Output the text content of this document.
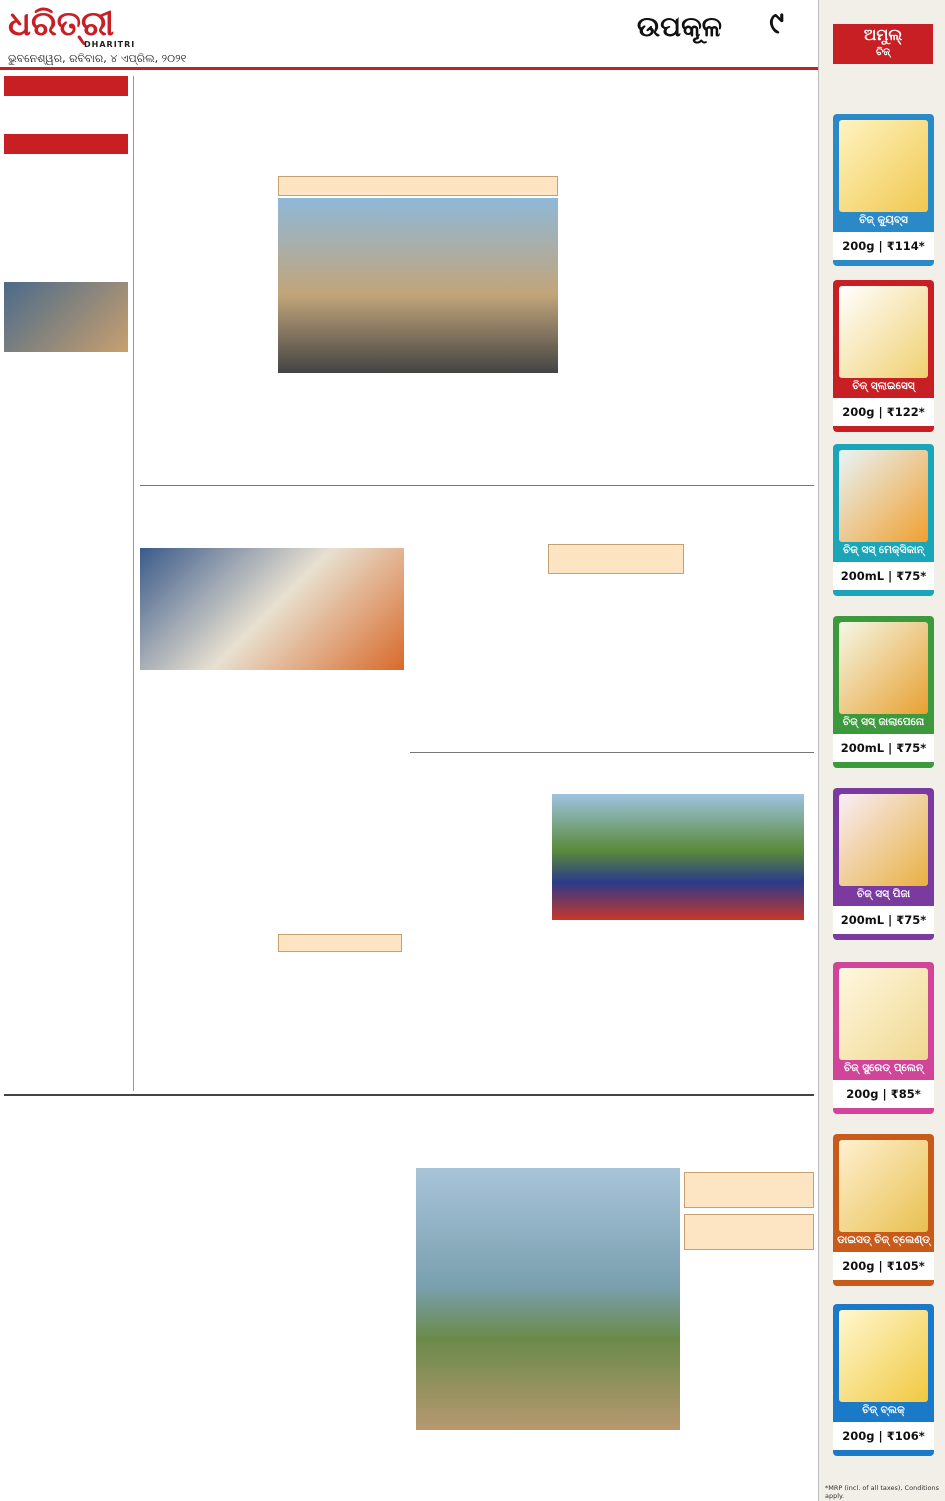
ଧରିତ୍ରୀ
DHARITRI
ଭୁବନେଶ୍ୱର, ରବିବାର, ୪ ଏପ୍ରିଲ, ୨୦୨୧
ଉପକୂଳ ୯	ଅମୁଲ୍
ଚିଜ୍
ଚିଜ୍ କ୍ୟୁବ୍ସ
200g | ₹114*
ଚିଜ୍ ସ୍ଲାଇସେସ୍
200g | ₹122*
ଚିଜ୍ ସସ୍ ମେକ୍ସିକାନ୍
200mL | ₹75*
ଚିଜ୍ ସସ୍ ଜାଲାପେନୋ
200mL | ₹75*
ଚିଜ୍ ସସ୍ ପିଜା
200mL | ₹75*
ଚିଜ୍ ସ୍ପ୍ରେଡ୍ ପ୍ଲେନ୍
200g | ₹85*
ଡାଇସଡ୍ ଚିଜ୍ ବ୍ଲେଣ୍ଡ୍
200g | ₹105*
ଚିଜ୍ ବ୍ଲକ୍
200g | ₹106*
*MRP (incl. of all taxes), Conditions apply.
